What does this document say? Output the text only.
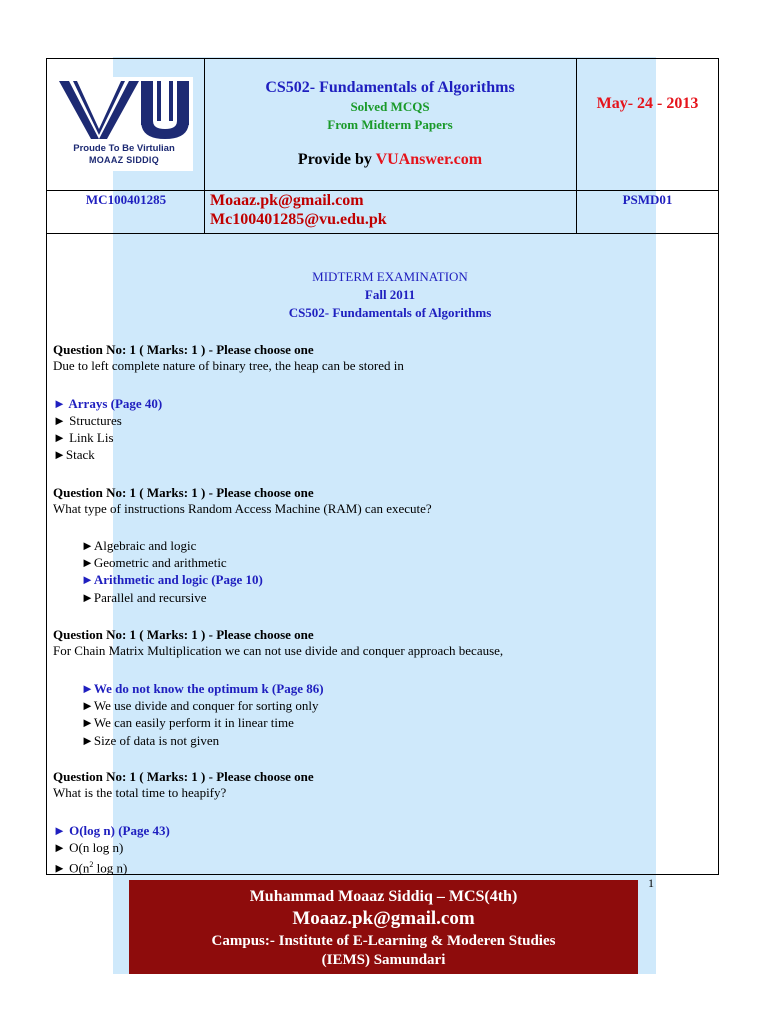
Proude To Be Virtulian
MOAAZ SIDDIQ
CS502- Fundamentals of Algorithms
Solved MCQS
From Midterm Papers
Provide by VUAnswer.com
May- 24 - 2013
MC100401285	Moaaz.pk@gmail.com
Mc100401285@vu.edu.pk
PSMD01
MIDTERM EXAMINATION
Fall 2011
CS502- Fundamentals of Algorithms
Question No: 1 ( Marks: 1 ) - Please choose one
Due to left complete nature of binary tree, the heap can be stored in
► Arrays (Page 40)
► Structures
► Link Lis
►Stack
Question No: 1 ( Marks: 1 ) - Please choose one
What type of instructions Random Access Machine (RAM) can execute?
►Algebraic and logic
►Geometric and arithmetic
►Arithmetic and logic (Page 10)
►Parallel and recursive
Question No: 1 ( Marks: 1 ) - Please choose one
For Chain Matrix Multiplication we can not use divide and conquer approach because,
►We do not know the optimum k (Page 86)
►We use divide and conquer for sorting only
►We can easily perform it in linear time
►Size of data is not given
Question No: 1 ( Marks: 1 ) - Please choose one
What is the total time to heapify?
► O(log n) (Page 43)
► O(n log n)
► $O(n^2$ log n)
1
Muhammad Moaaz Siddiq – MCS(4th)
Moaaz.pk@gmail.com
Campus:- Institute of E-Learning & Moderen Studies
(IEMS) Samundari
